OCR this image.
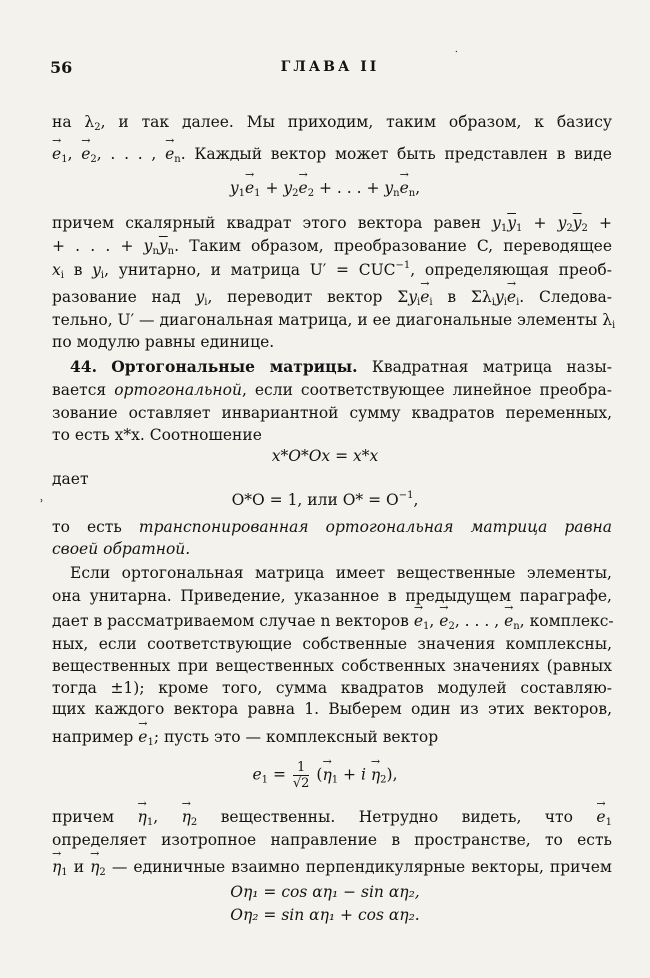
⸱
56	ГЛАВА II
на $\lambda_2$, и так далее. Мы приходим, таким образом, к базису
→ $e_1$, → $e_2$, . . . , → $e_n$. Каждый вектор может быть представлен в виде
$y_1\to e_1 + y_2\to e_2$ + . . . + $y_n\to e_n$,
причем скалярный квадрат этого вектора равен $y_1\overline{y}_1 + y_2\overline{y}_2$ +
+ . . . + $y_n\overline{y}_n$. Таким образом, преобразование C, переводящее
$x_i$ в $y_i$, унитарно, и матрица $U' = CUC^{-1}$, определяющая преоб-
разование над $y_i$, переводит вектор $\Sigma y_i\to e_i$ в $\Sigma\lambda_iy_i\to e_i$. Следова-
тельно, U′ — диагональная матрица, и ее диагональные элементы $\lambda_i$
по модулю равны единице.
44. Ортогональные матрицы. Квадратная матрица назы-
вается ортогональной, если соответствующее линейное преобра-
зование оставляет инвариантной сумму квадратов переменных,
то есть x*x. Соотношение
x*O*Ox = x*x
дает
˒	O*O = 1, или $O* = O^{-1}$,
то есть транспонированная ортогональная матрица равна
своей обратной.
Если ортогональная матрица имеет вещественные элементы,
она унитарна. Приведение, указанное в предыдущем параграфе,
дает в рассматриваемом случае n векторов → $e_1$, → $e_2$, . . . , → $e_n$, комплекс-
ных, если соответствующие собственные значения комплексны,
вещественных при вещественных собственных значениях (равных
тогда ±1); кроме того, сумма квадратов модулей составляю-
щих каждого вектора равна 1. Выберем один из этих векторов,
например → $e_1$; пусть это — комплексный вектор
$e_1 = \frac{1}{√2}$ (→ $\eta_1 + i \to \eta_2$),
причем → $\eta_1$, → $\eta_2$ вещественны. Нетрудно видеть, что → $e_1$
определяет изотропное направление в пространстве, то есть
→ $\eta_1$ $и \to \eta_2$ — единичные взаимно перпендикулярные векторы, причем
Oη₁ = cos αη₁ − sin αη₂,
Oη₂ = sin αη₁ + cos αη₂.
